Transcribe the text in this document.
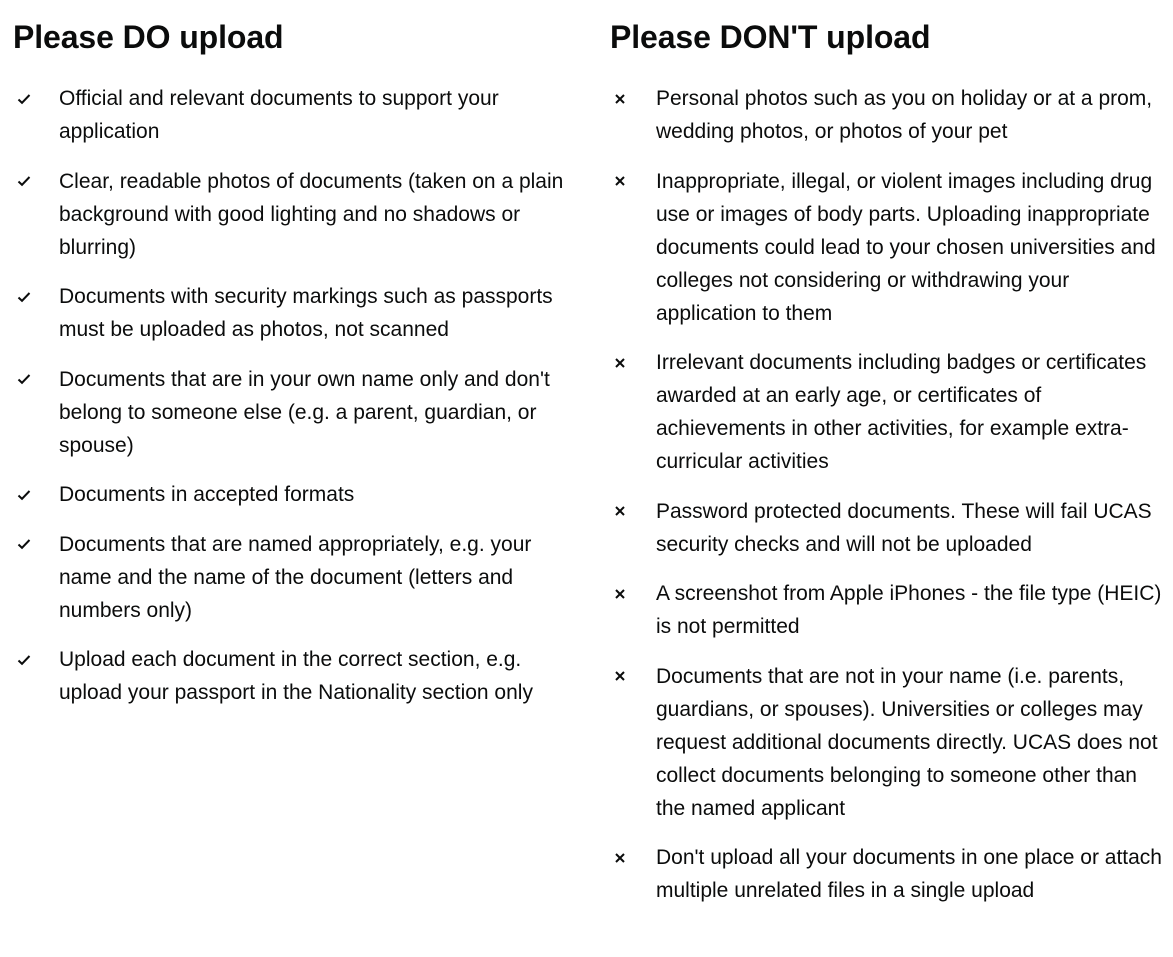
Please DO upload
Official and relevant documents to support your application
Clear, readable photos of documents (taken on a plain background with good lighting and no shadows or blurring)
Documents with security markings such as passports must be uploaded as photos, not scanned
Documents that are in your own name only and don't belong to someone else (e.g. a parent, guardian, or spouse)
Documents in accepted formats
Documents that are named appropriately, e.g. your name and the name of the document (letters and numbers only)
Upload each document in the correct section, e.g. upload your passport in the Nationality section only
Please DON'T upload
Personal photos such as you on holiday or at a prom, wedding photos, or photos of your pet
Inappropriate, illegal, or violent images including drug use or images of body parts. Uploading inappropriate documents could lead to your chosen universities and colleges not considering or withdrawing your application to them
Irrelevant documents including badges or certificates awarded at an early age, or certificates of achievements in other activities, for example extra-curricular activities
Password protected documents. These will fail UCAS security checks and will not be uploaded
A screenshot from Apple iPhones - the file type (HEIC) is not permitted
Documents that are not in your name (i.e. parents, guardians, or spouses). Universities or colleges may request additional documents directly. UCAS does not collect documents belonging to someone other than the named applicant
Don't upload all your documents in one place or attach multiple unrelated files in a single upload
